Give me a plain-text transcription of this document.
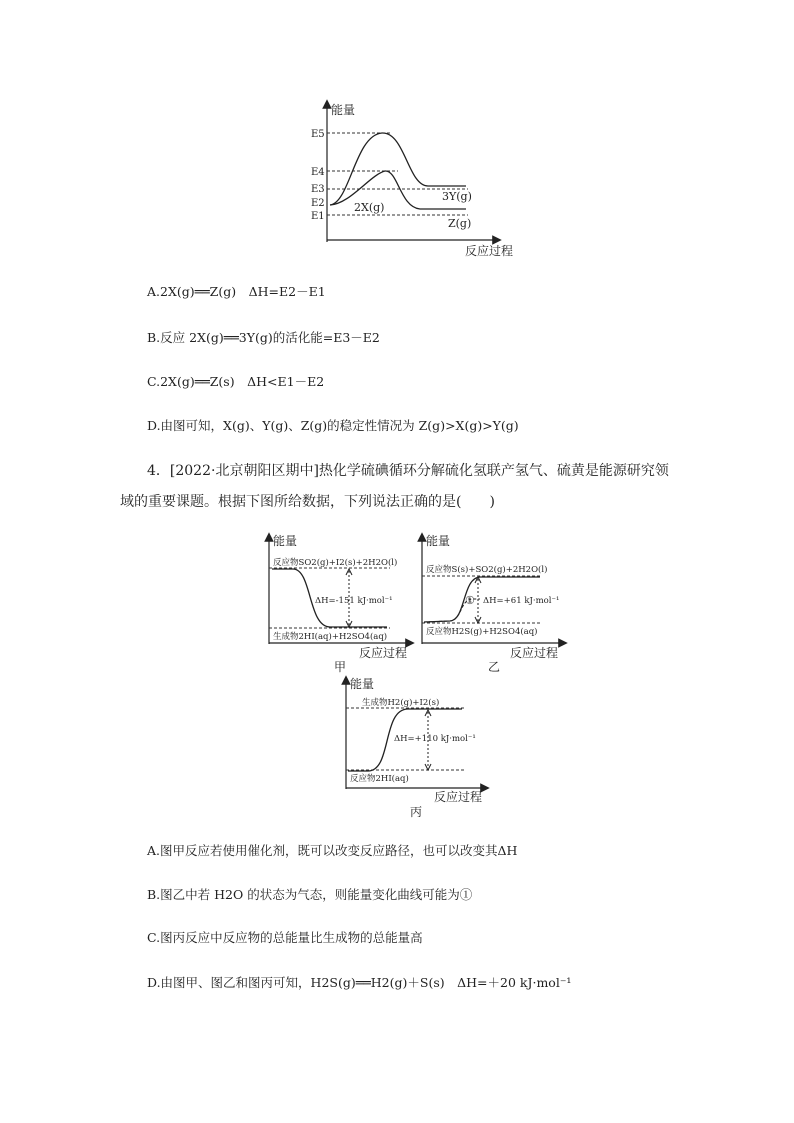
E5
E4
E3
E2
E1
能量
反应过程
2X(g)
3Y(g)
Z(g)
A.2X(g)══Z(g)　ΔH=E2－E1
B.反应 2X(g)══3Y(g)的活化能=E3－E2
C.2X(g)══Z(s)　ΔH<E1－E2
D.由图可知，X(g)、Y(g)、Z(g)的稳定性情况为 Z(g)>X(g)>Y(g)
4．[2022·北京朝阳区期中]热化学硫碘循环分解硫化氢联产氢气、硫黄是能源研究领
域的重要课题。根据下图所给数据，下列说法正确的是(　　)
能量
反应物SO2(g)+I2(s)+2H2O(l)
ΔH=-151 kJ·mol⁻¹
生成物2HI(aq)+H2SO4(aq)
反应过程
甲
能量
反应物S(s)+SO2(g)+2H2O(l)
① ΔH=+61 kJ·mol⁻¹
反应物H2S(g)+H2SO4(aq)
反应过程
乙
能量
生成物H2(g)+I2(s)
ΔH=+110 kJ·mol⁻¹
反应物2HI(aq)
反应过程
丙
A.图甲反应若使用催化剂，既可以改变反应路径，也可以改变其ΔH
B.图乙中若 H2O 的状态为气态，则能量变化曲线可能为①
C.图丙反应中反应物的总能量比生成物的总能量高
D.由图甲、图乙和图丙可知，H2S(g)══H2(g)＋S(s)　ΔH=＋20 kJ·mol⁻¹
